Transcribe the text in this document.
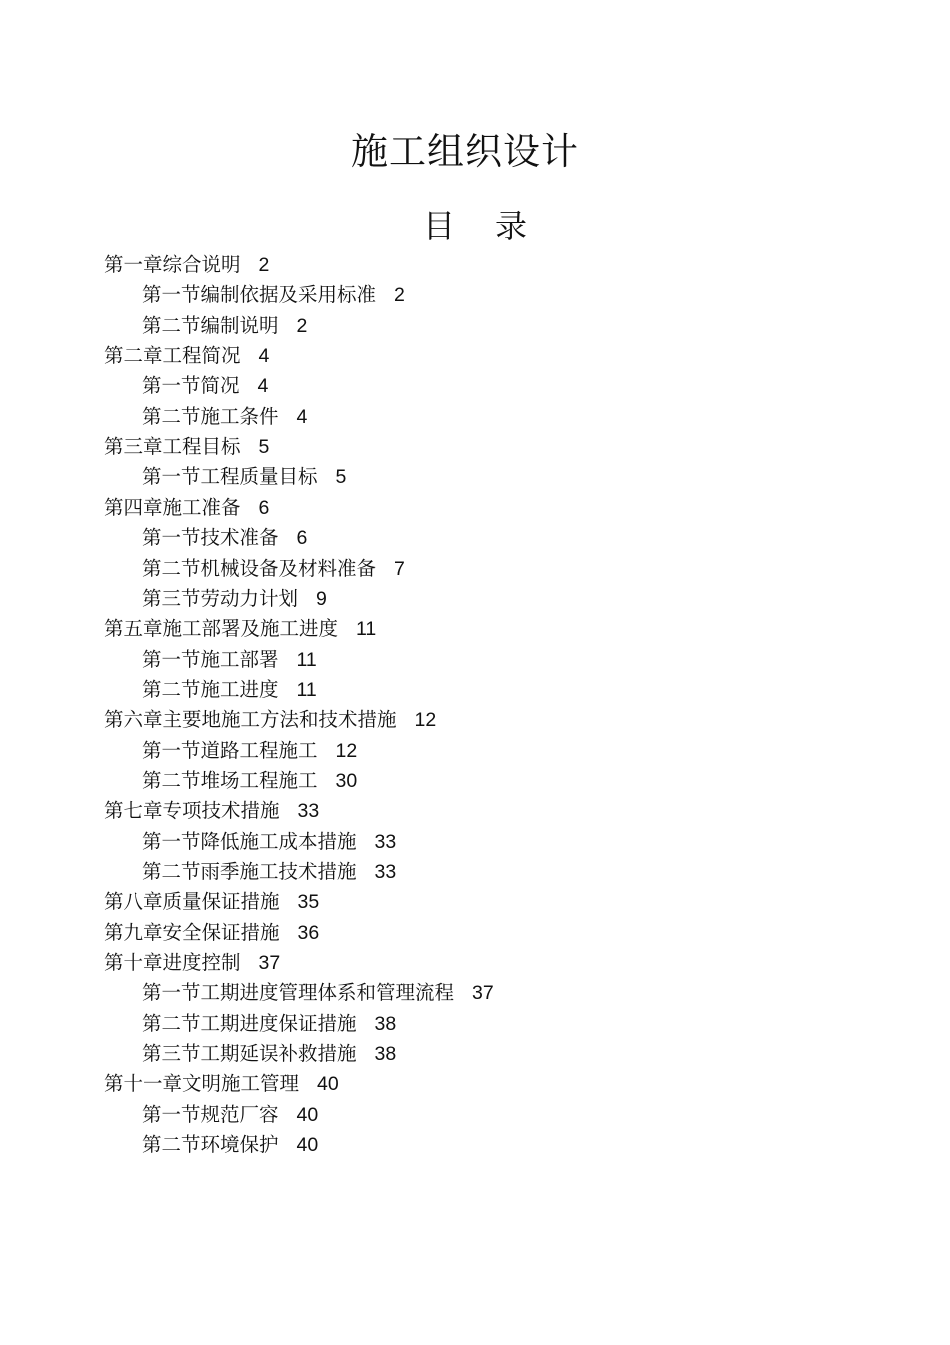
施工组织设计
目 录
第一章综合说明 2
第一节编制依据及采用标准 2
第二节编制说明 2
第二章工程简况 4
第一节简况 4
第二节施工条件 4
第三章工程目标 5
第一节工程质量目标 5
第四章施工准备 6
第一节技术准备 6
第二节机械设备及材料准备 7
第三节劳动力计划 9
第五章施工部署及施工进度 11
第一节施工部署 11
第二节施工进度 11
第六章主要地施工方法和技术措施 12
第一节道路工程施工 12
第二节堆场工程施工 30
第七章专项技术措施 33
第一节降低施工成本措施 33
第二节雨季施工技术措施 33
第八章质量保证措施 35
第九章安全保证措施 36
第十章进度控制 37
第一节工期进度管理体系和管理流程 37
第二节工期进度保证措施 38
第三节工期延误补救措施 38
第十一章文明施工管理 40
第一节规范厂容 40
第二节环境保护 40
